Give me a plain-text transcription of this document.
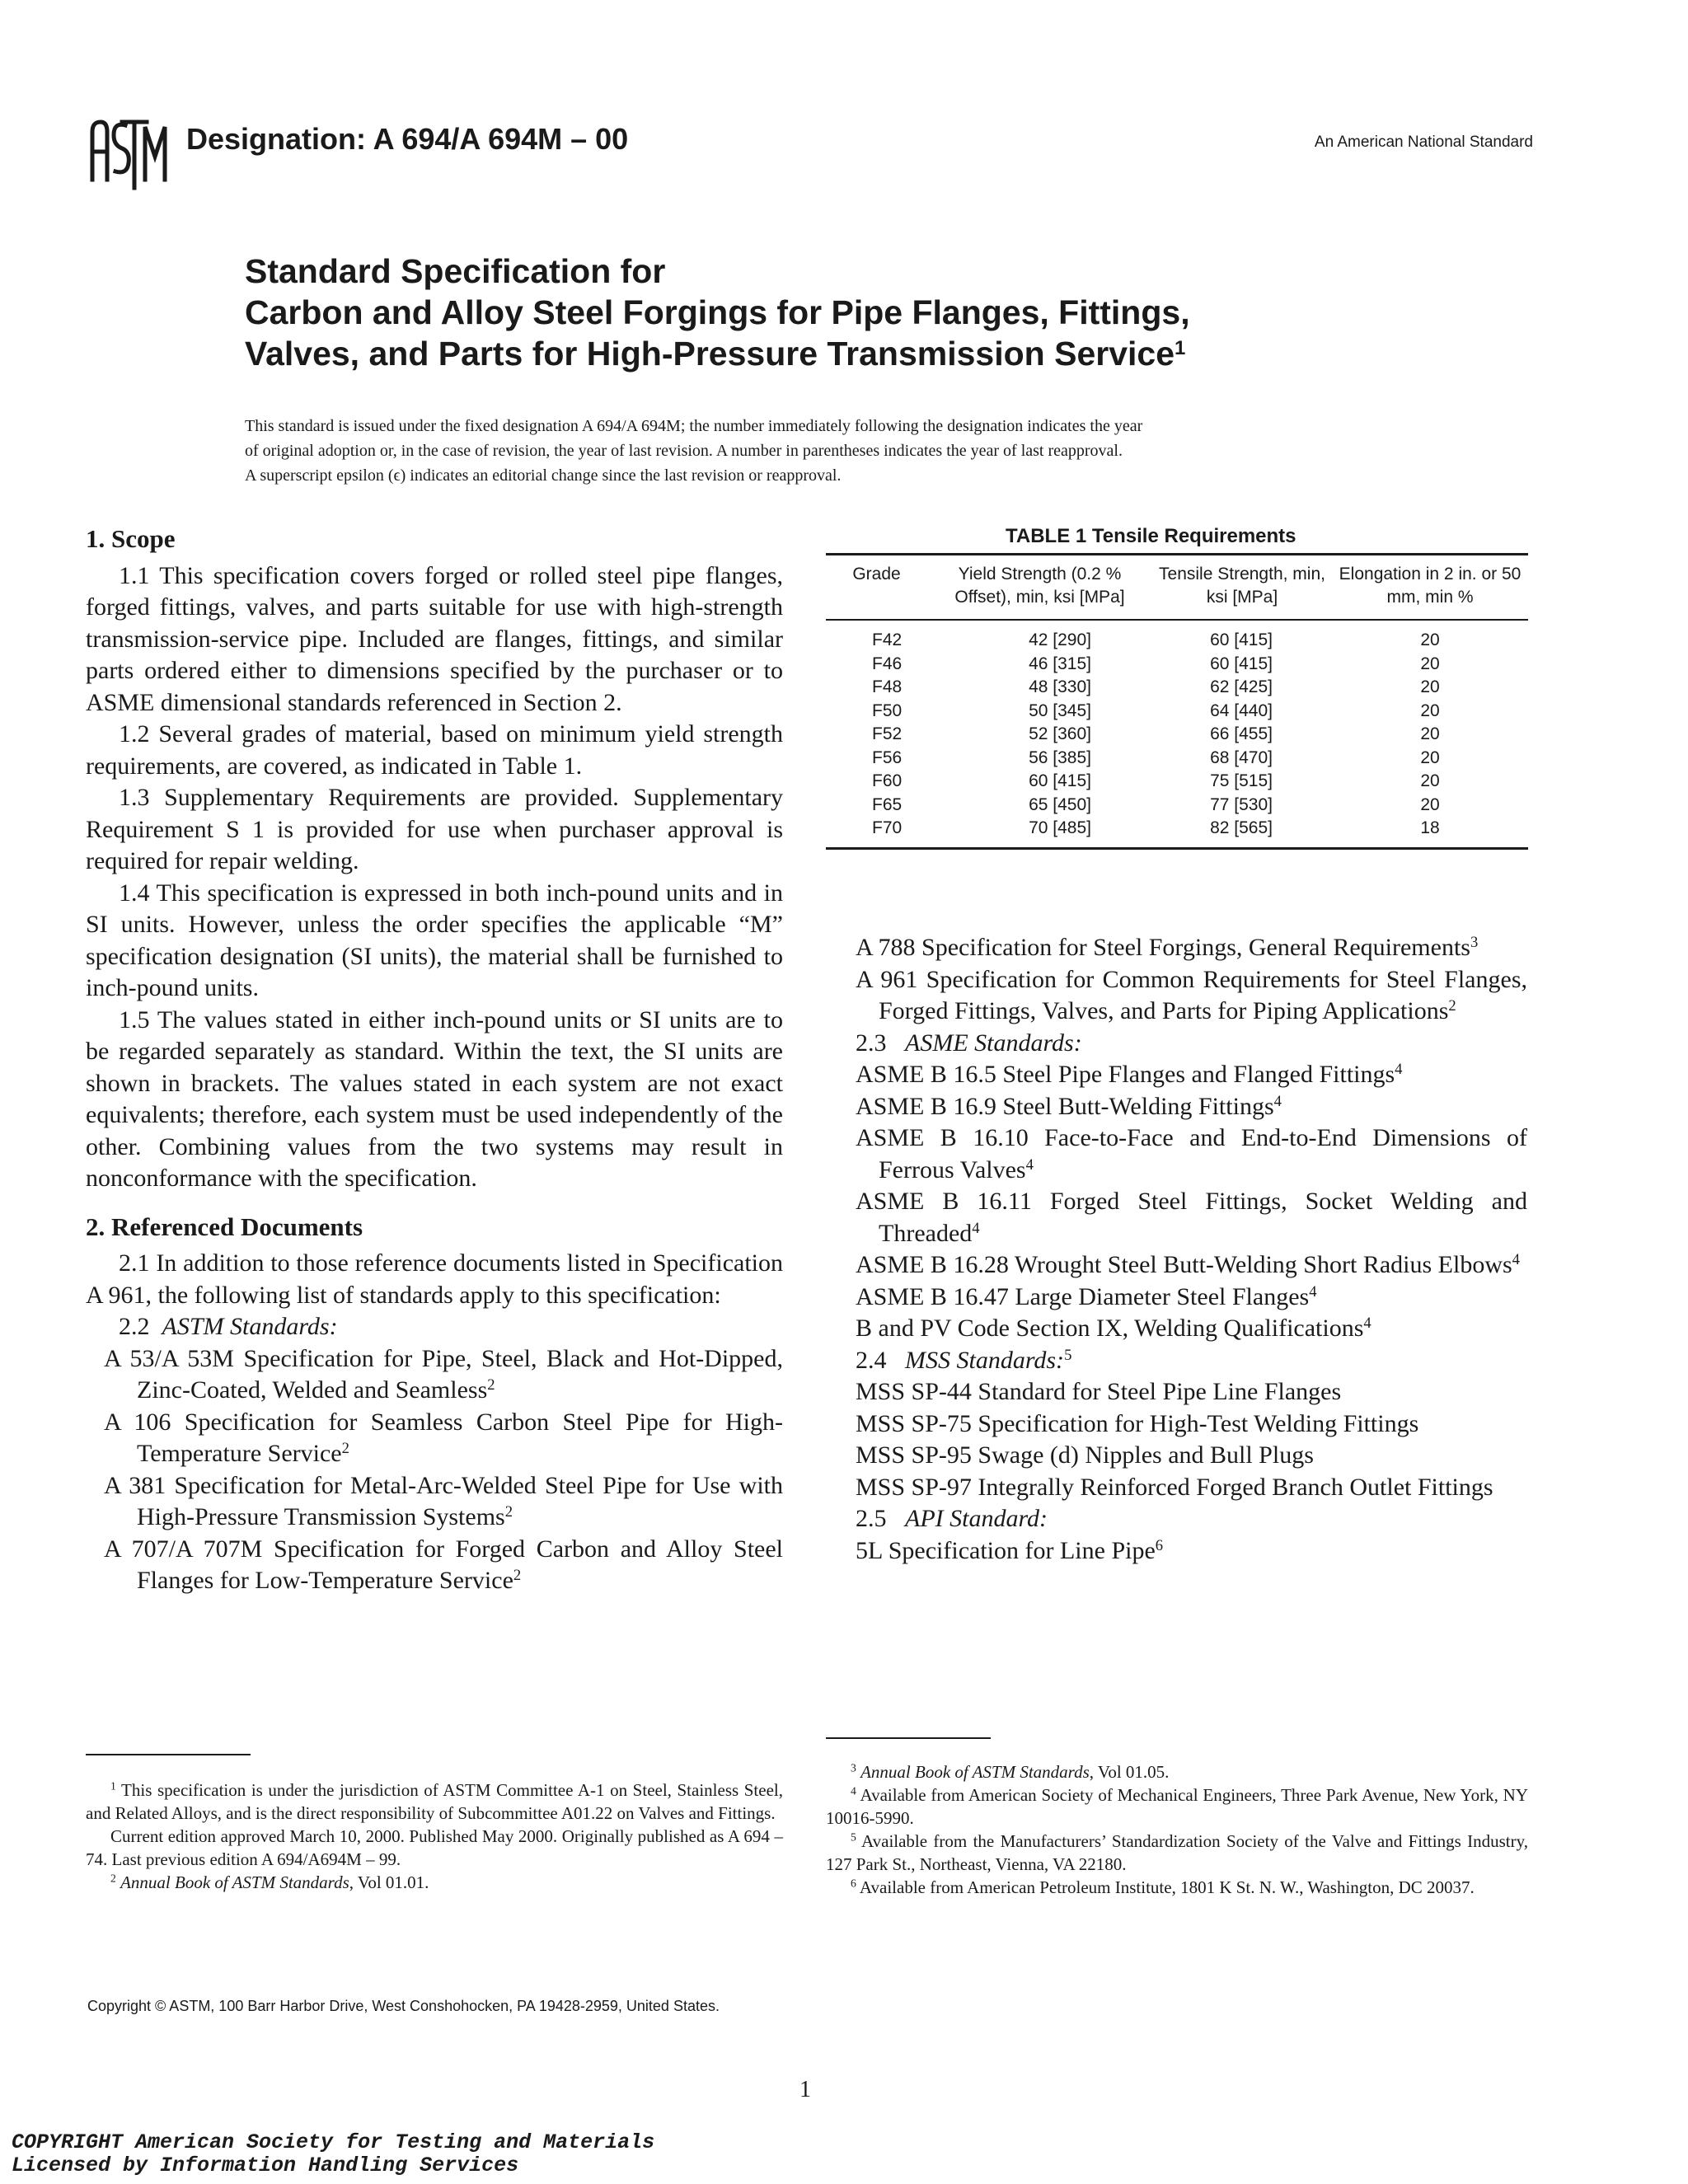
Designation: A 694/A 694M – 00	An American National Standard
Standard Specification for
Carbon and Alloy Steel Forgings for Pipe Flanges, Fittings,
Valves, and Parts for High-Pressure Transmission Service$^1$
This standard is issued under the fixed designation A 694/A 694M; the number immediately following the designation indicates the year
of original adoption or, in the case of revision, the year of last revision. A number in parentheses indicates the year of last reapproval.
A superscript epsilon (ϵ) indicates an editorial change since the last revision or reapproval.

1. Scope

1.1 This specification covers forged or rolled steel pipe flanges, forged fittings, valves, and parts suitable for use with high-strength transmission-service pipe. Included are flanges, fittings, and similar parts ordered either to dimensions specified by the purchaser or to ASME dimensional standards referenced in Section 2.

1.2 Several grades of material, based on minimum yield strength requirements, are covered, as indicated in Table 1.

1.3 Supplementary Requirements are provided. Supplementary Requirement S 1 is provided for use when purchaser approval is required for repair welding.

1.4 This specification is expressed in both inch-pound units and in SI units. However, unless the order specifies the applicable “M” specification designation (SI units), the material shall be furnished to inch-pound units.

1.5 The values stated in either inch-pound units or SI units are to be regarded separately as standard. Within the text, the SI units are shown in brackets. The values stated in each system are not exact equivalents; therefore, each system must be used independently of the other. Combining values from the two systems may result in nonconformance with the specification.

2. Referenced Documents

2.1 In addition to those reference documents listed in Specification A 961, the following list of standards apply to this specification:

2.2 ASTM Standards:

A 53/A 53M Specification for Pipe, Steel, Black and Hot-Dipped, Zinc-Coated, Welded and Seamless$^2$

A 106 Specification for Seamless Carbon Steel Pipe for High-Temperature Service$^2$

A 381 Specification for Metal-Arc-Welded Steel Pipe for Use with High-Pressure Transmission Systems$^2$

A 707/A 707M Specification for Forged Carbon and Alloy Steel Flanges for Low-Temperature Service$^2$

TABLE 1 Tensile Requirements
Grade	Yield Strength (0.2 % Offset), min, ksi [MPa]	Tensile Strength, min, ksi [MPa]	Elongation in 2 in. or 50 mm, min %
F42	42 [290]	60 [415]	20
F46	46 [315]	60 [415]	20
F48	48 [330]	62 [425]	20
F50	50 [345]	64 [440]	20
F52	52 [360]	66 [455]	20
F56	56 [385]	68 [470]	20
F60	60 [415]	75 [515]	20
F65	65 [450]	77 [530]	20
F70	70 [485]	82 [565]	18

A 788 Specification for Steel Forgings, General Requirements$^3$

A 961 Specification for Common Requirements for Steel Flanges, Forged Fittings, Valves, and Parts for Piping Applications$^2$

2.3 ASME Standards:

ASME B 16.5 Steel Pipe Flanges and Flanged Fittings$^4$

ASME B 16.9 Steel Butt-Welding Fittings$^4$

ASME B 16.10 Face-to-Face and End-to-End Dimensions of Ferrous Valves$^4$

ASME B 16.11 Forged Steel Fittings, Socket Welding and Threaded$^4$

ASME B 16.28 Wrought Steel Butt-Welding Short Radius Elbows$^4$

ASME B 16.47 Large Diameter Steel Flanges$^4$

B and PV Code Section IX, Welding Qualifications$^4$

2.4 MSS Standards:$^5$

MSS SP-44 Standard for Steel Pipe Line Flanges

MSS SP-75 Specification for High-Test Welding Fittings

MSS SP-95 Swage (d) Nipples and Bull Plugs

MSS SP-97 Integrally Reinforced Forged Branch Outlet Fittings

2.5 API Standard:

5L Specification for Line Pipe$^6$

$^1$ This specification is under the jurisdiction of ASTM Committee A-1 on Steel, Stainless Steel, and Related Alloys, and is the direct responsibility of Subcommittee A01.22 on Valves and Fittings.

Current edition approved March 10, 2000. Published May 2000. Originally published as A 694 – 74. Last previous edition A 694/A694M – 99.

$^2$ Annual Book of ASTM Standards, Vol 01.01.

$^3$ Annual Book of ASTM Standards, Vol 01.05.

$^4$ Available from American Society of Mechanical Engineers, Three Park Avenue, New York, NY 10016-5990.

$^5$ Available from the Manufacturers’ Standardization Society of the Valve and Fittings Industry, 127 Park St., Northeast, Vienna, VA 22180.

$^6$ Available from American Petroleum Institute, 1801 K St. N. W., Washington, DC 20037.

Copyright © ASTM, 100 Barr Harbor Drive, West Conshohocken, PA 19428-2959, United States.
1
COPYRIGHT American Society for Testing and Materials
Licensed by Information Handling Services
